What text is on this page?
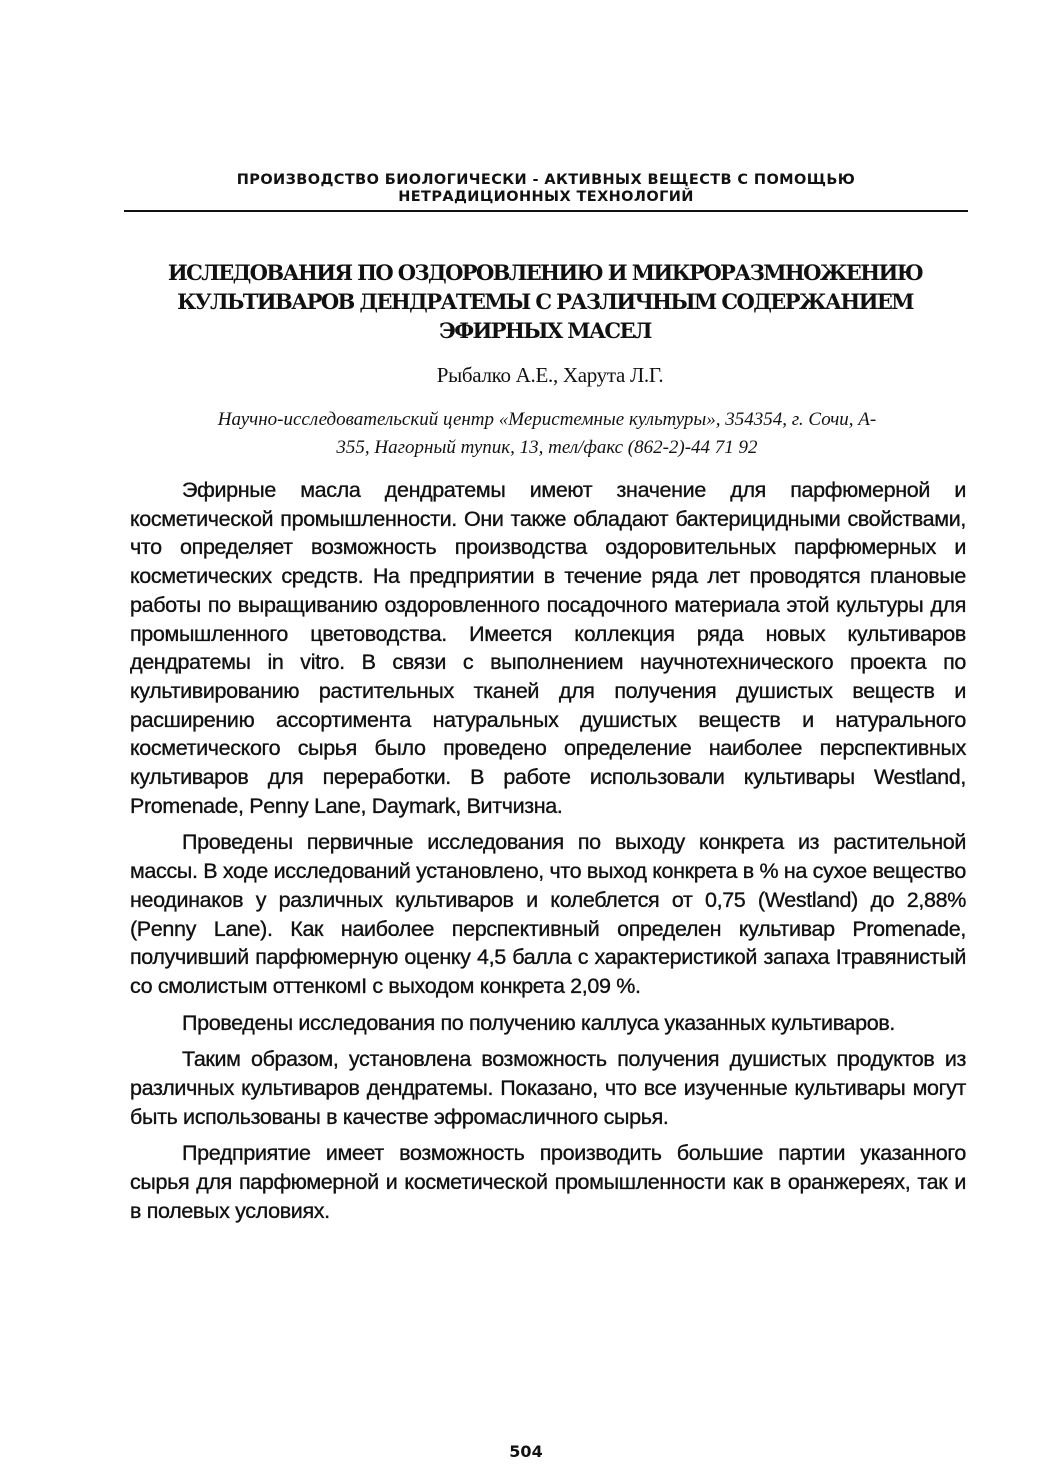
ПРОИЗВОДСТВО БИОЛОГИЧЕСКИ - АКТИВНЫХ ВЕЩЕСТВ С ПОМОЩЬЮ
НЕТРАДИЦИОННЫХ ТЕХНОЛОГИЙ
ИСЛЕДОВАНИЯ ПО ОЗДОРОВЛЕНИЮ И МИКРОРАЗМНОЖЕНИЮ
КУЛЬТИВАРОВ ДЕНДРАТЕМЫ С РАЗЛИЧНЫМ СОДЕРЖАНИЕМ
ЭФИРНЫХ МАСЕЛ
Рыбалко А.Е., Харута Л.Г.
Научно-исследовательский центр «Меристемные культуры», 354354, г. Сочи, А-
355, Нагорный тупик, 13, тел/факс (862-2)-44 71 92

Эфирные масла дендратемы имеют значение для парфюмерной и косметической промышленности. Они также обладают бактерицидными свойствами, что определяет возможность производства оздоровительных парфюмерных и косметических средств. На предприятии в течение ряда лет проводятся плановые работы по выращиванию оздоровленного посадочного материала этой культуры для промышленного цветоводства. Имеется коллекция ряда новых культиваров дендратемы in vitro. В связи с выполнением научнотехнического проекта по культивированию растительных тканей для получения душистых веществ и расширению ассортимента натуральных душистых веществ и натурального косметического сырья было проведено определение наиболее перспективных культиваров для переработки. В работе использовали культивары Westland, Promenade, Penny Lane, Daymark, Витчизна.

Проведены первичные исследования по выходу конкрета из растительной массы. В ходе исследований установлено, что выход конкрета в % на сухое вещество неодинаков у различных культиваров и колеблется от 0,75 (Westland) до 2,88% (Penny Lane). Как наиболее перспективный определен культивар Promenade, получивший парфюмерную оценку 4,5 балла с характеристикой запаха Iтравянистый со смолистым оттенкомI с выходом конкрета 2,09 %.

Проведены исследования по получению каллуса указанных культиваров.

Таким образом, установлена возможность получения душистых продуктов из различных культиваров дендратемы. Показано, что все изученные культивары могут быть использованы в качестве эфромасличного сырья.

Предприятие имеет возможность производить большие партии указанного сырья для парфюмерной и косметической промышленности как в оранжереях, так и в полевых условиях.

504
